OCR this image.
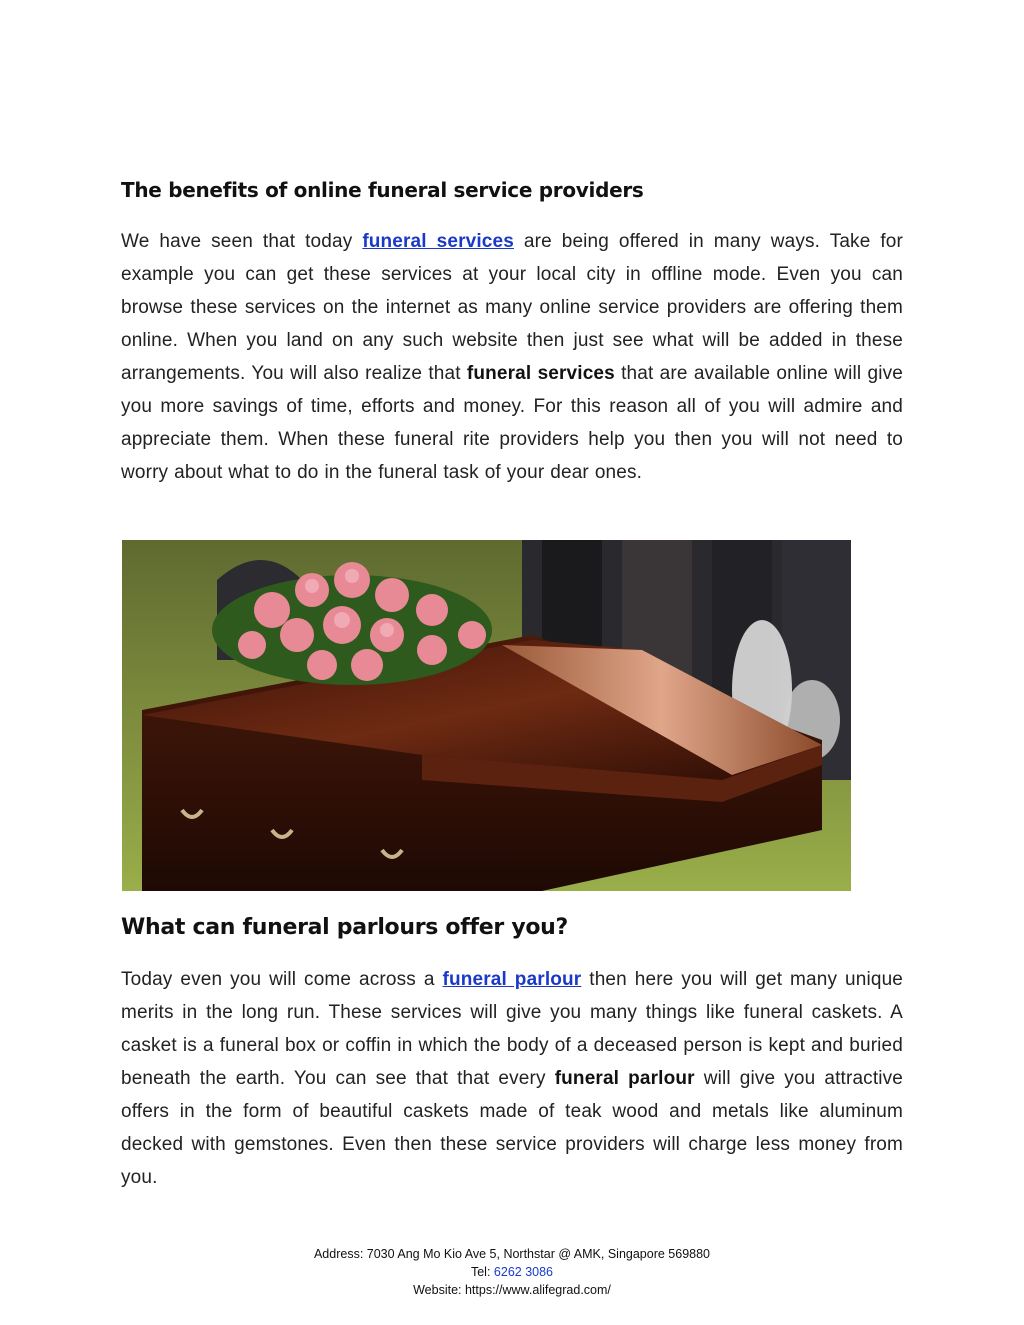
The benefits of online funeral service providers

We have seen that today funeral services are being offered in many ways. Take for example you can get these services at your local city in offline mode. Even you can browse these services on the internet as many online service providers are offering them online. When you land on any such website then just see what will be added in these arrangements. You will also realize that funeral services that are available online will give you more savings of time, efforts and money. For this reason all of you will admire and appreciate them. When these funeral rite providers help you then you will not need to worry about what to do in the funeral task of your dear ones.

What can funeral parlours offer you?

Today even you will come across a funeral parlour then here you will get many unique merits in the long run. These services will give you many things like funeral caskets. A casket is a funeral box or coffin in which the body of a deceased person is kept and buried beneath the earth. You can see that that every funeral parlour will give you attractive offers in the form of beautiful caskets made of teak wood and metals like aluminum decked with gemstones. Even then these service providers will charge less money from you.

Address: 7030 Ang Mo Kio Ave 5, Northstar @ AMK, Singapore 569880
Tel: 6262 3086
Website: https://www.alifegrad.com/
